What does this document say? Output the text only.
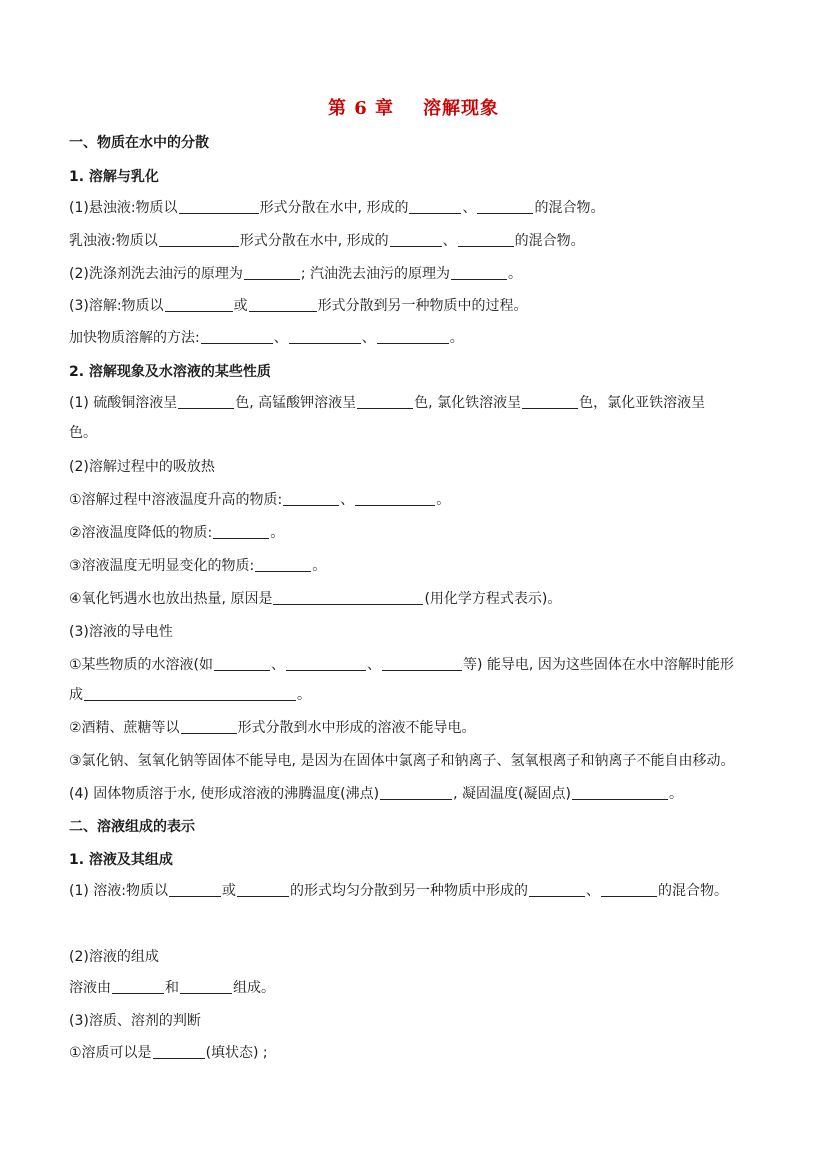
第 6 章    溶解现象
一、物质在水中的分散
1. 溶解与乳化
(1)悬浊液:物质以	形式分散在水中, 形成的	、	的混合物。
乳浊液:物质以	形式分散在水中, 形成的	、	的混合物。
(2)洗涤剂洗去油污的原理为	; 汽油洗去油污的原理为	。
(3)溶解:物质以	或	形式分散到另一种物质中的过程。
加快物质溶解的方法:	、	、	。
2. 溶解现象及水溶液的某些性质
(1) 硫酸铜溶液呈	色, 高锰酸钾溶液呈	色, 氯化铁溶液呈	色，氯化亚铁溶液呈
色。
(2)溶解过程中的吸放热
①溶解过程中溶液温度升高的物质:	、	。
②溶液温度降低的物质:	。
③溶液温度无明显变化的物质:	。
④氧化钙遇水也放出热量, 原因是	(用化学方程式表示)。
(3)溶液的导电性
①某些物质的水溶液(如	、	、	等) 能导电, 因为这些固体在水中溶解时能形
成	。
②酒精、蔗糖等以	形式分散到水中形成的溶液不能导电。
③氯化钠、氢氧化钠等固体不能导电, 是因为在固体中氯离子和钠离子、氢氧根离子和钠离子不能自由移动。
(4) 固体物质溶于水, 使形成溶液的沸腾温度(沸点)	, 凝固温度(凝固点)	。
二、溶液组成的表示
1. 溶液及其组成
(1) 溶液:物质以	或	的形式均匀分散到另一种物质中形成的	、	的混合物。
(2)溶液的组成
溶液由	和	组成。
(3)溶质、溶剂的判断
①溶质可以是	(填状态) ;
